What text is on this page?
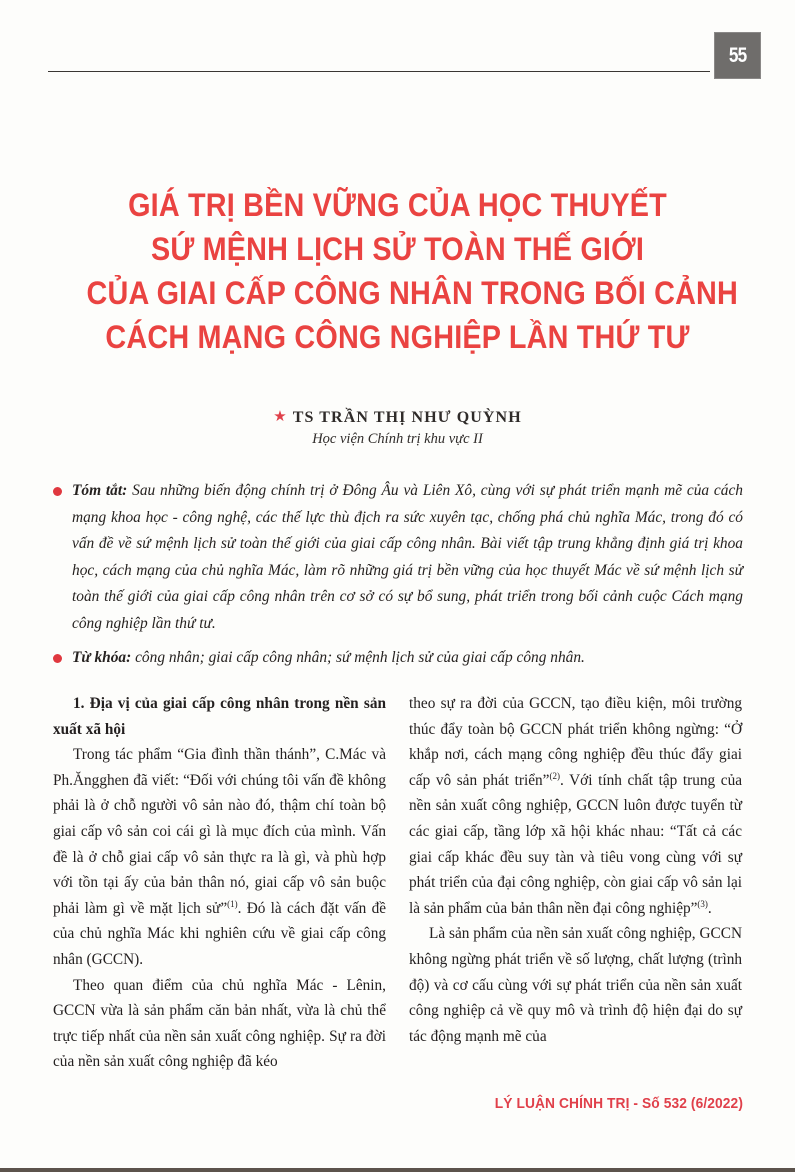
55
GIÁ TRỊ BỀN VỮNG CỦA HỌC THUYẾT
SỨ MỆNH LỊCH SỬ TOÀN THẾ GIỚI
CỦA GIAI CẤP CÔNG NHÂN TRONG BỐI CẢNH
CÁCH MẠNG CÔNG NGHIỆP LẦN THỨ TƯ
★ TS TRẦN THỊ NHƯ QUỲNH
Học viện Chính trị khu vực II
Tóm tắt: Sau những biến động chính trị ở Đông Âu và Liên Xô, cùng với sự phát triển mạnh mẽ của cách mạng khoa học - công nghệ, các thế lực thù địch ra sức xuyên tạc, chống phá chủ nghĩa Mác, trong đó có vấn đề về sứ mệnh lịch sử toàn thế giới của giai cấp công nhân. Bài viết tập trung khẳng định giá trị khoa học, cách mạng của chủ nghĩa Mác, làm rõ những giá trị bền vững của học thuyết Mác về sứ mệnh lịch sử toàn thế giới của giai cấp công nhân trên cơ sở có sự bổ sung, phát triển trong bối cảnh cuộc Cách mạng công nghiệp lần thứ tư.
Từ khóa: công nhân; giai cấp công nhân; sứ mệnh lịch sử của giai cấp công nhân.
1. Địa vị của giai cấp công nhân trong nền sản xuất xã hội
Trong tác phẩm “Gia đình thần thánh”, C.Mác và Ph.Ăngghen đã viết: “Đối với chúng tôi vấn đề không phải là ở chỗ người vô sản nào đó, thậm chí toàn bộ giai cấp vô sản coi cái gì là mục đích của mình. Vấn đề là ở chỗ giai cấp vô sản thực ra là gì, và phù hợp với tồn tại ấy của bản thân nó, giai cấp vô sản buộc phải làm gì về mặt lịch sử”$^{(1)}$. Đó là cách đặt vấn đề của chủ nghĩa Mác khi nghiên cứu về giai cấp công nhân (GCCN).
Theo quan điểm của chủ nghĩa Mác - Lênin, GCCN vừa là sản phẩm căn bản nhất, vừa là chủ thể trực tiếp nhất của nền sản xuất công nghiệp. Sự ra đời của nền sản xuất công nghiệp đã kéo
theo sự ra đời của GCCN, tạo điều kiện, môi trường thúc đẩy toàn bộ GCCN phát triển không ngừng: “Ở khắp nơi, cách mạng công nghiệp đều thúc đẩy giai cấp vô sản phát triển”$^{(2)}$. Với tính chất tập trung của nền sản xuất công nghiệp, GCCN luôn được tuyển từ các giai cấp, tầng lớp xã hội khác nhau: “Tất cả các giai cấp khác đều suy tàn và tiêu vong cùng với sự phát triển của đại công nghiệp, còn giai cấp vô sản lại là sản phẩm của bản thân nền đại công nghiệp”$^{(3)}$.
Là sản phẩm của nền sản xuất công nghiệp, GCCN không ngừng phát triển về số lượng, chất lượng (trình độ) và cơ cấu cùng với sự phát triển của nền sản xuất công nghiệp cả về quy mô và trình độ hiện đại do sự tác động mạnh mẽ của
LÝ LUẬN CHÍNH TRỊ - Số 532 (6/2022)
